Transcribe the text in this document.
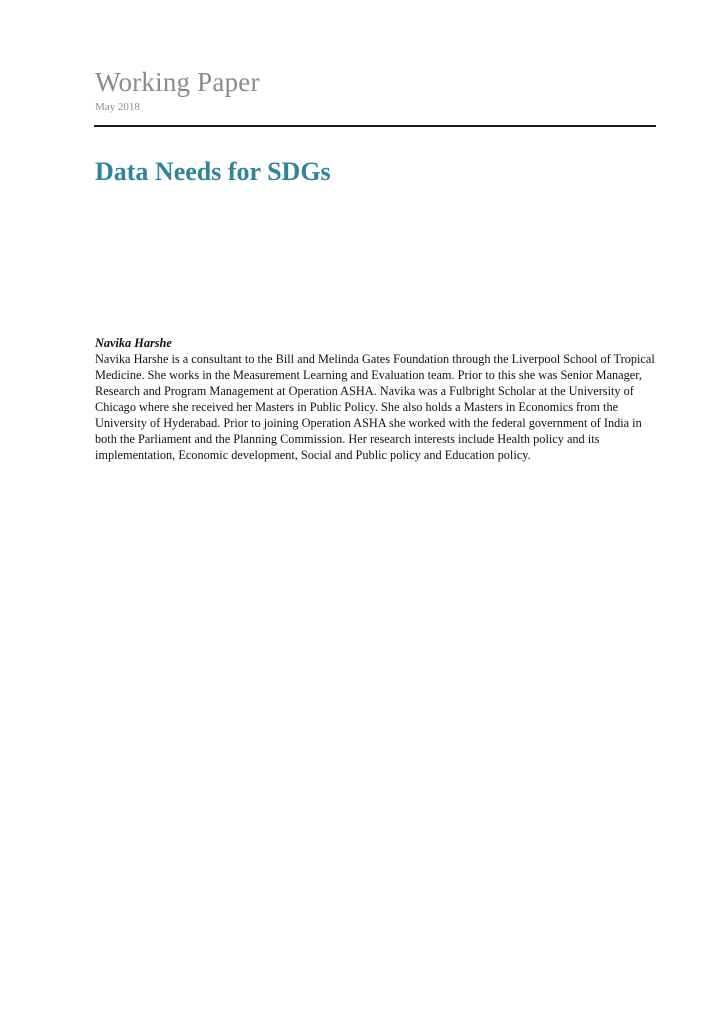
Working Paper
May 2018
Data Needs for SDGs
Navika Harshe

Navika Harshe is a consultant to the Bill and Melinda Gates Foundation through the Liverpool School of Tropical Medicine. She works in the Measurement Learning and Evaluation team. Prior to this she was Senior Manager, Research and Program Management at Operation ASHA. Navika was a Fulbright Scholar at the University of Chicago where she received her Masters in Public Policy. She also holds a Masters in Economics from the University of Hyderabad. Prior to joining Operation ASHA she worked with the federal government of India in both the Parliament and the Planning Commission. Her research interests include Health policy and its implementation, Economic development, Social and Public policy and Education policy.
